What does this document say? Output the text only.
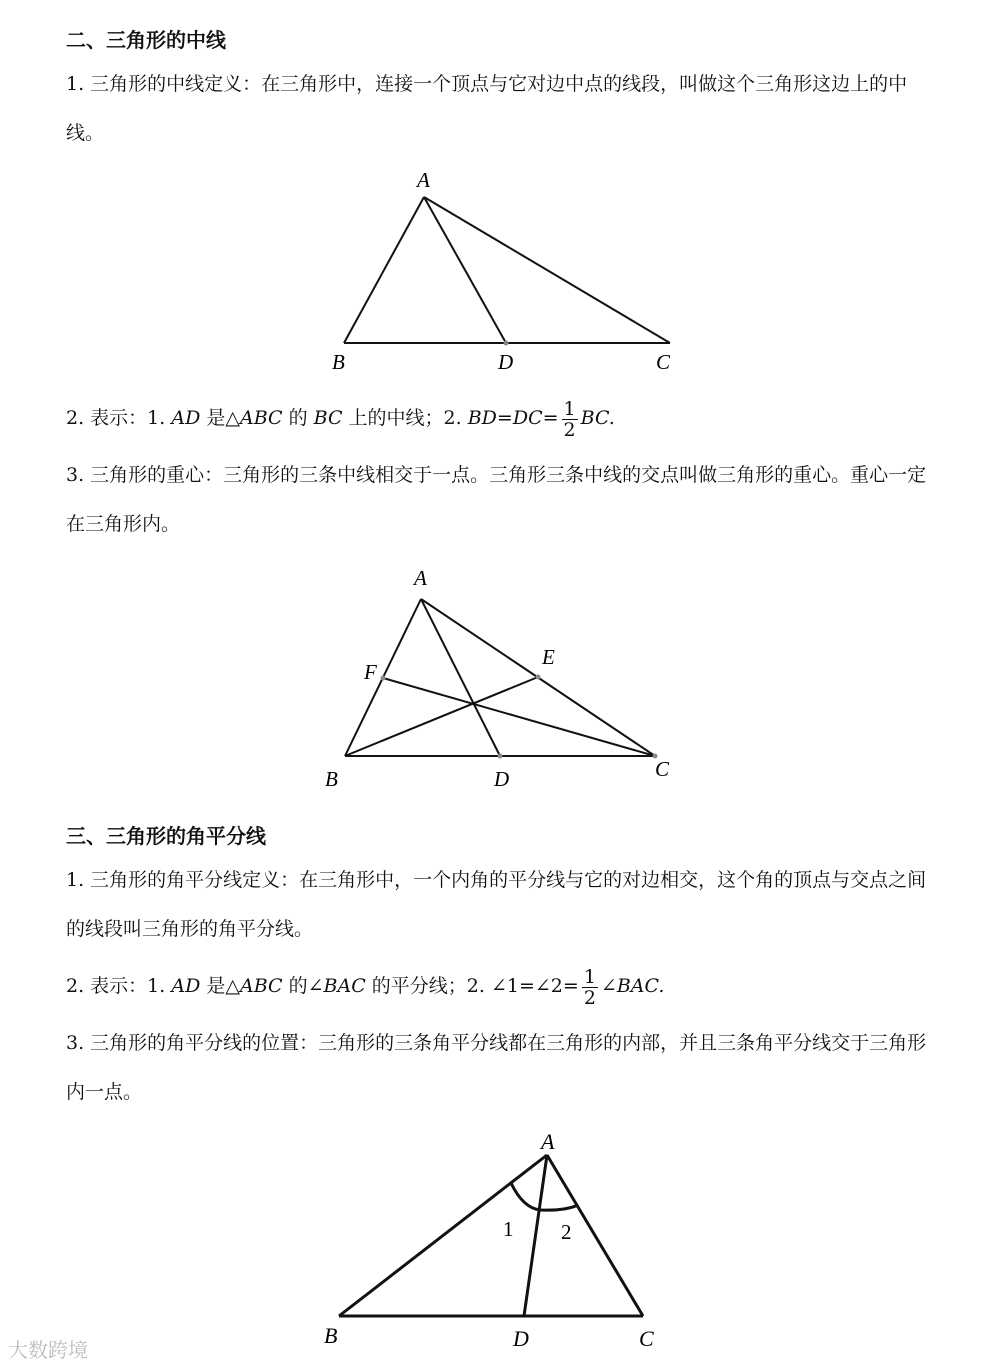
二、三角形的中线
1. 三角形的中线定义：在三角形中，连接一个顶点与它对边中点的线段，叫做这个三角形这边上的中线。
A
B	D	C
2. 表示：1. AD 是△ABC 的 BC 上的中线；2. $BD=DC= \frac{1}{2}$ BC.
3. 三角形的重心：三角形的三条中线相交于一点。三角形三条中线的交点叫做三角形的重心。重心一定在三角形内。
A
E
F
B	D	C
三、三角形的角平分线
1. 三角形的角平分线定义：在三角形中，一个内角的平分线与它的对边相交，这个角的顶点与交点之间的线段叫三角形的角平分线。
2. 表示：1. AD 是△ABC 的∠BAC 的平分线；2. ∠1=∠2= $\frac{1}{2}$ ∠BAC.
3. 三角形的角平分线的位置：三角形的三条角平分线都在三角形的内部，并且三条角平分线交于三角形内一点。
A
1 2
B	D	C
大数跨境
